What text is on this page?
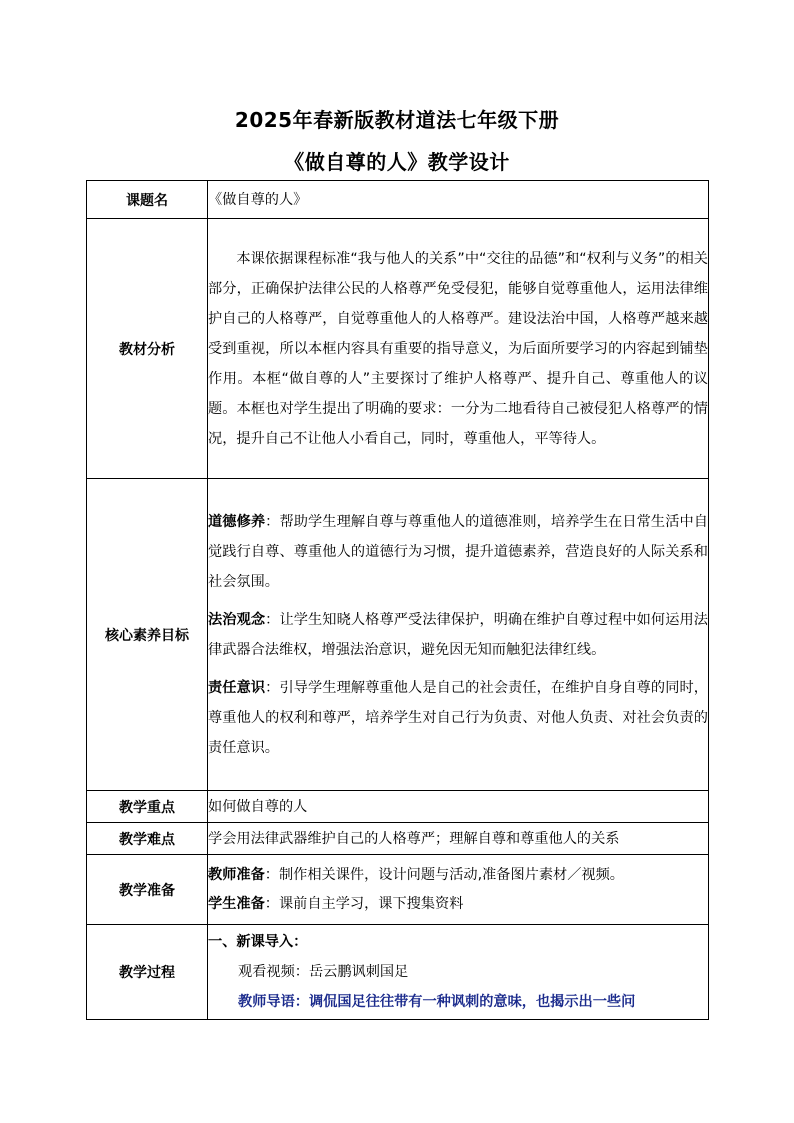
2025年春新版教材道法七年级下册
《做自尊的人》教学设计
课题名	《做自尊的人》
教材分析	本课依据课程标准“我与他人的关系”中“交往的品德”和“权利与义务”的相关部分，正确保护法律公民的人格尊严免受侵犯，能够自觉尊重他人，运用法律维护自己的人格尊严，自觉尊重他人的人格尊严。建设法治中国，人格尊严越来越受到重视，所以本框内容具有重要的指导意义，为后面所要学习的内容起到铺垫作用。本框“做自尊的人”主要探讨了维护人格尊严、提升自己、尊重他人的议题。本框也对学生提出了明确的要求：一分为二地看待自己被侵犯人格尊严的情况，提升自己不让他人小看自己，同时，尊重他人，平等待人。

核心素养目标	道德修养：帮助学生理解自尊与尊重他人的道德准则，培养学生在日常生活中自觉践行自尊、尊重他人的道德行为习惯，提升道德素养，营造良好的人际关系和社会氛围。

法治观念：让学生知晓人格尊严受法律保护，明确在维护自尊过程中如何运用法律武器合法维权，增强法治意识，避免因无知而触犯法律红线。

责任意识：引导学生理解尊重他人是自己的社会责任，在维护自身自尊的同时，尊重他人的权利和尊严，培养学生对自己行为负责、对他人负责、对社会负责的责任意识。

教学重点	如何做自尊的人
教学难点	学会用法律武器维护自己的人格尊严；理解自尊和尊重他人的关系
教学准备	教师准备：制作相关课件，设计问题与活动,准备图片素材／视频。
学生准备：课前自主学习，课下搜集资料

教学过程	一、新课导入：

观看视频：岳云鹏讽刺国足

教师导语：调侃国足往往带有一种讽刺的意味，也揭示出一些问
